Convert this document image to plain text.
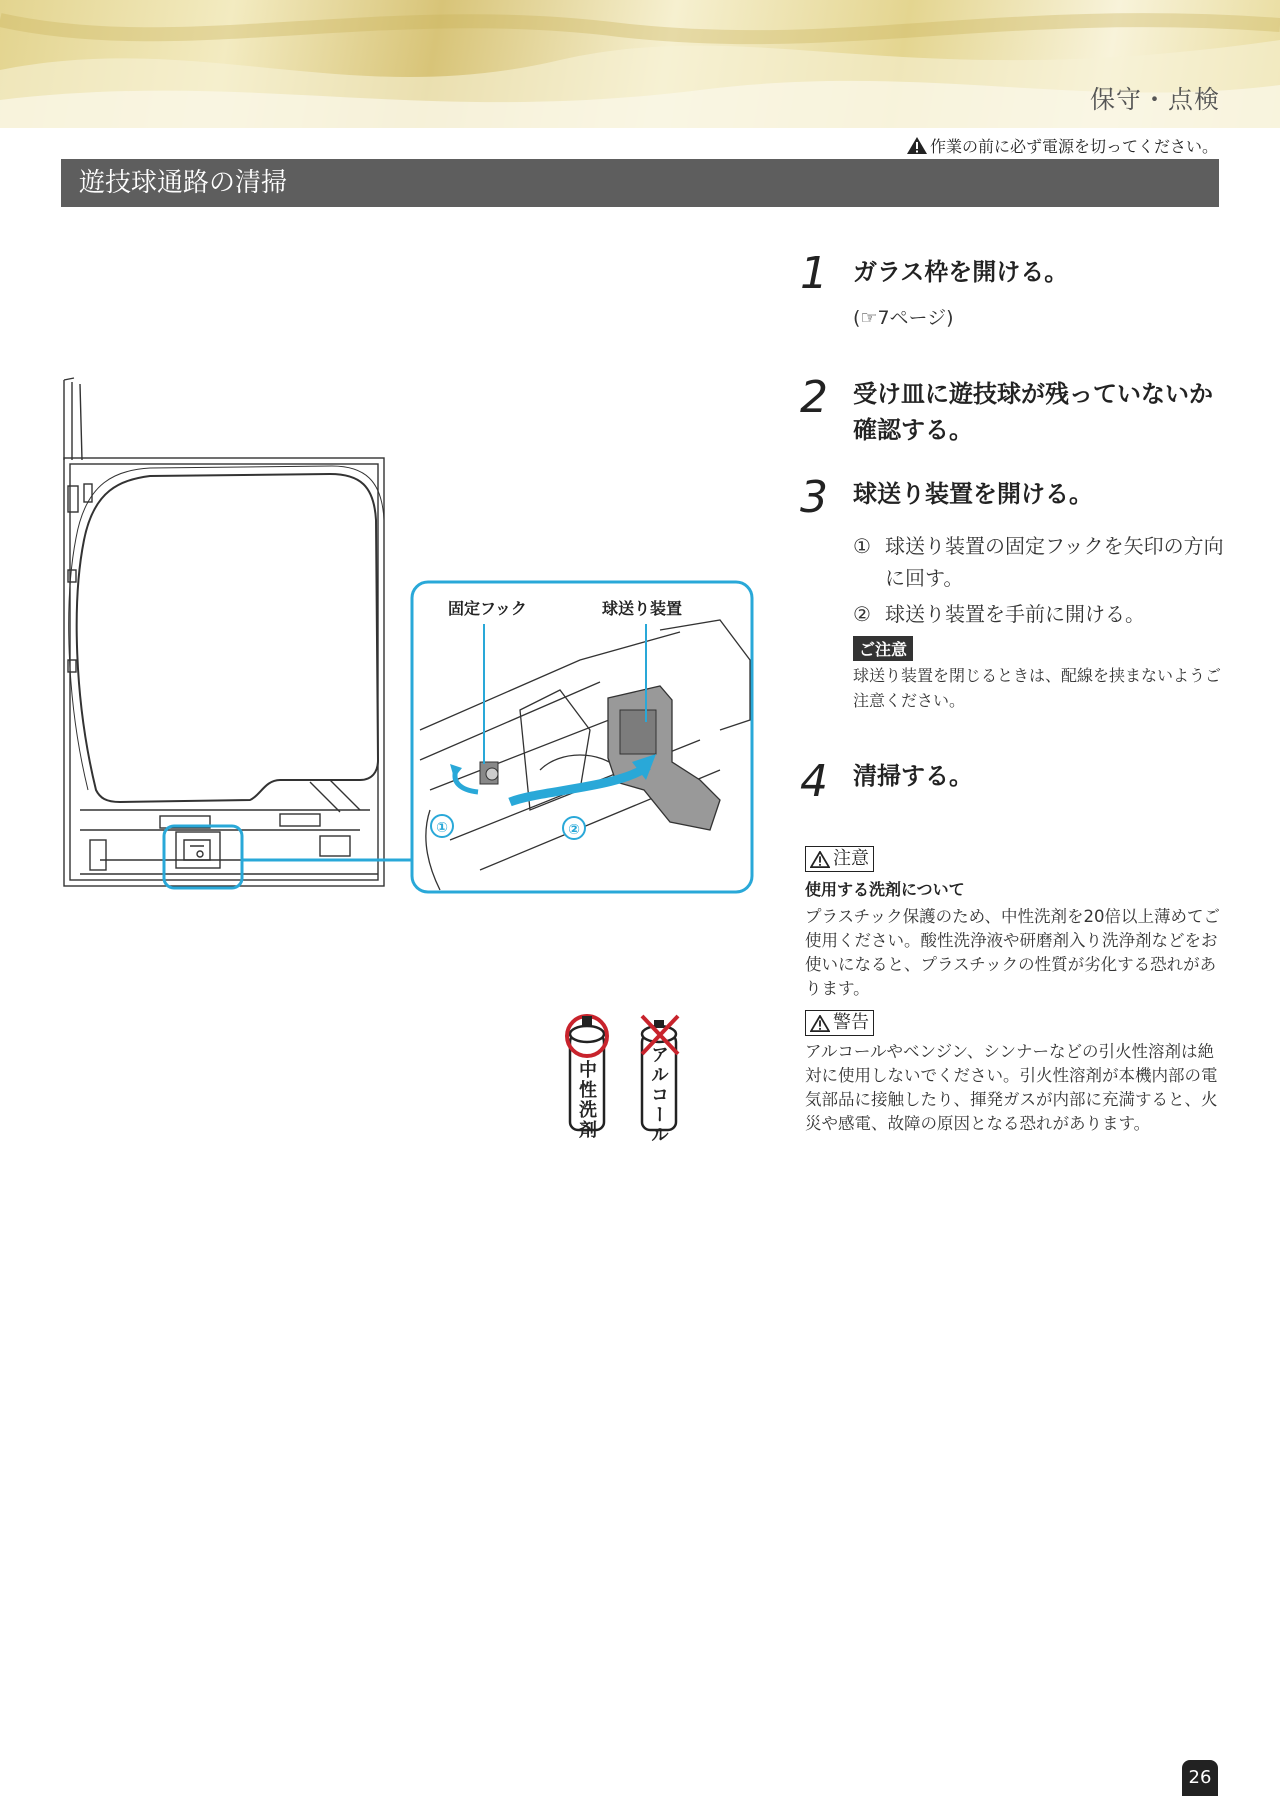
保守・点検
作業の前に必ず電源を切ってください。
遊技球通路の清掃
①	②
固定フック	球送り装置
中性洗剤	アルコール
1 ガラス枠を開ける。
(☞7ページ)
2 受け皿に遊技球が残っていないか確認する。
3 球送り装置を開ける。
① 球送り装置の固定フックを矢印の方向に回す。
② 球送り装置を手前に開ける。
ご注意
球送り装置を閉じるときは、配線を挟まないようご注意ください。
4 清掃する。
注意
使用する洗剤について
プラスチック保護のため、中性洗剤を20倍以上薄めてご使用ください。酸性洗浄液や研磨剤入り洗浄剤などをお使いになると、プラスチックの性質が劣化する恐れがあります。
警告
アルコールやベンジン、シンナーなどの引火性溶剤は絶対に使用しないでください。引火性溶剤が本機内部の電気部品に接触したり、揮発ガスが内部に充満すると、火災や感電、故障の原因となる恐れがあります。
26
